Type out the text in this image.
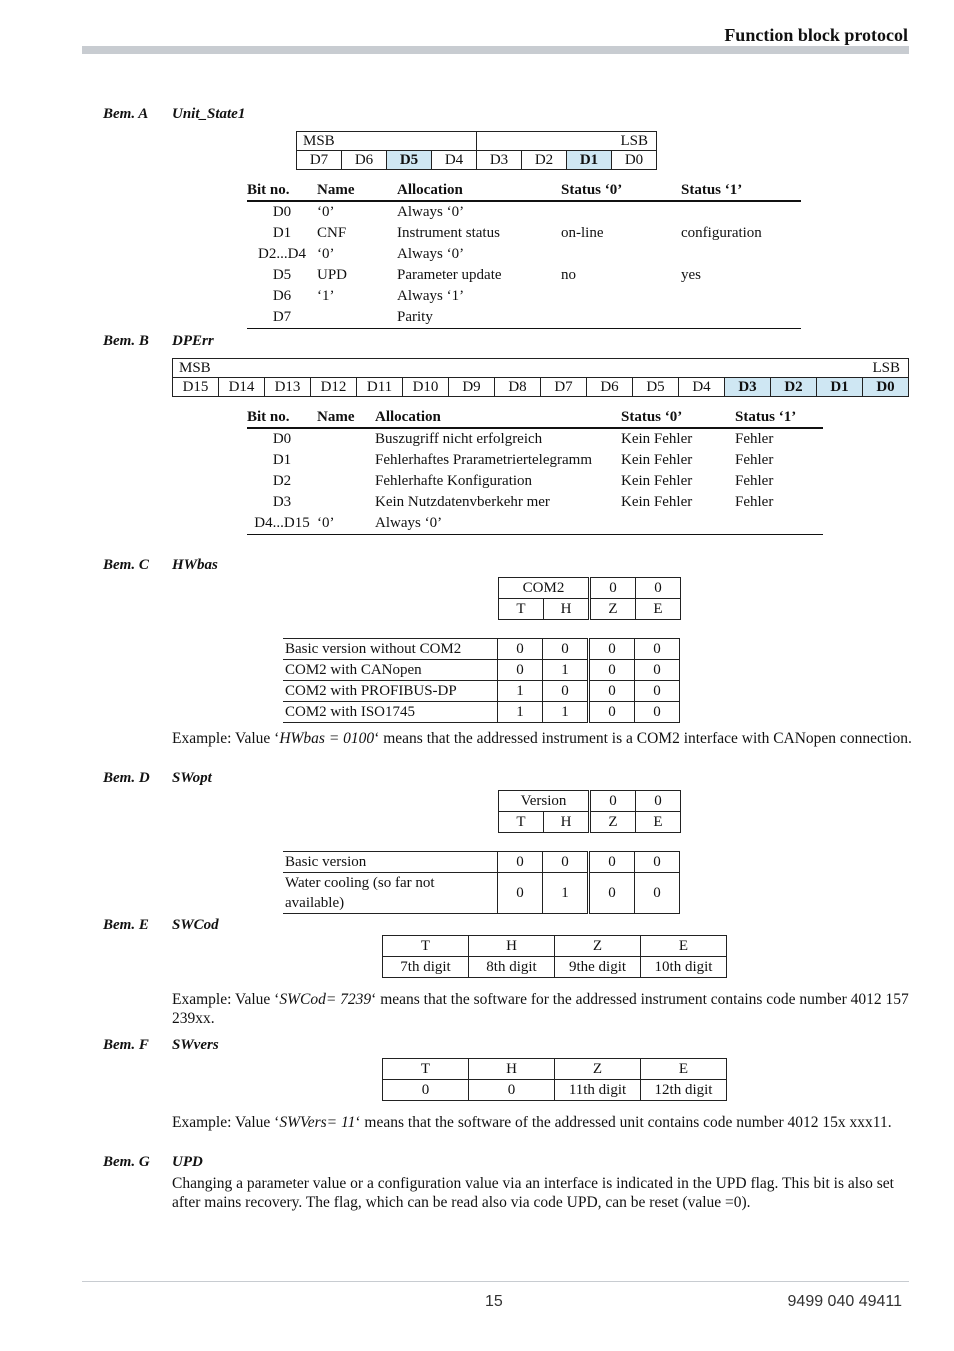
Function block protocol
Bem. A Unit_State1
MSB				LSB			
D7	D6	D5	D4	D3	D2	D1	D0
Bit no.	Name	Allocation	Status ‘0’	Status ‘1’
D0	‘0’	Always ‘0’		
D1	CNF	Instrument status	on-line	configuration
D2...D4	‘0’	Always ‘0’		
D5	UPD	Parameter update	no	yes
D6	‘1’	Always ‘1’		
D7		Parity		
Bem. B DPErr
MSB								LSB							
D15	D14	D13	D12	D11	D10	D9	D8	D7	D6	D5	D4	D3	D2	D1	D0
Bit no.	Name	Allocation	Status ‘0’	Status ‘1’
D0		Buszugriff nicht erfolgreich	Kein Fehler	Fehler
D1		Fehlerhaftes Prarametriertelegramm	Kein Fehler	Fehler
D2		Fehlerhafte Konfiguration	Kein Fehler	Fehler
D3		Kein Nutzdatenvberkehr mer	Kein Fehler	Fehler
D4...D15	‘0’	Always ‘0’		
Bem. C HWbas
COM2		0	0
T	H	Z	E
Basic version without COM2	0	0	0	0
COM2 with CANopen	0	1	0	0
COM2 with PROFIBUS-DP	1	0	0	0
COM2 with ISO1745	1	1	0	0
Example: Value ‘HWbas = 0100‘ means that the addressed instrument is a COM2 interface with CANopen connection.
Bem. D SWopt
Version		0	0
T	H	Z	E
Basic version	0	0	0	0
Water cooling (so far not available)	0	1	0	0
Bem. E SWCod
T	H	Z	E
7th digit	8th digit	9the digit	10th digit
Example: Value ‘SWCod= 7239‘ means that the software for the addressed instrument contains code number 4012 157 239xx.
Bem. F SWvers
T	H	Z	E
0	0	11th digit	12th digit
Example: Value ‘SWVers= 11‘ means that the software of the addressed unit contains code number 4012 15x xxx11.
Bem. G UPD
Changing a parameter value or a configuration value via an interface is indicated in the UPD flag. This bit is also set after mains recovery. The flag, which can be read also via code UPD, can be reset (value =0).
15	9499 040 49411
